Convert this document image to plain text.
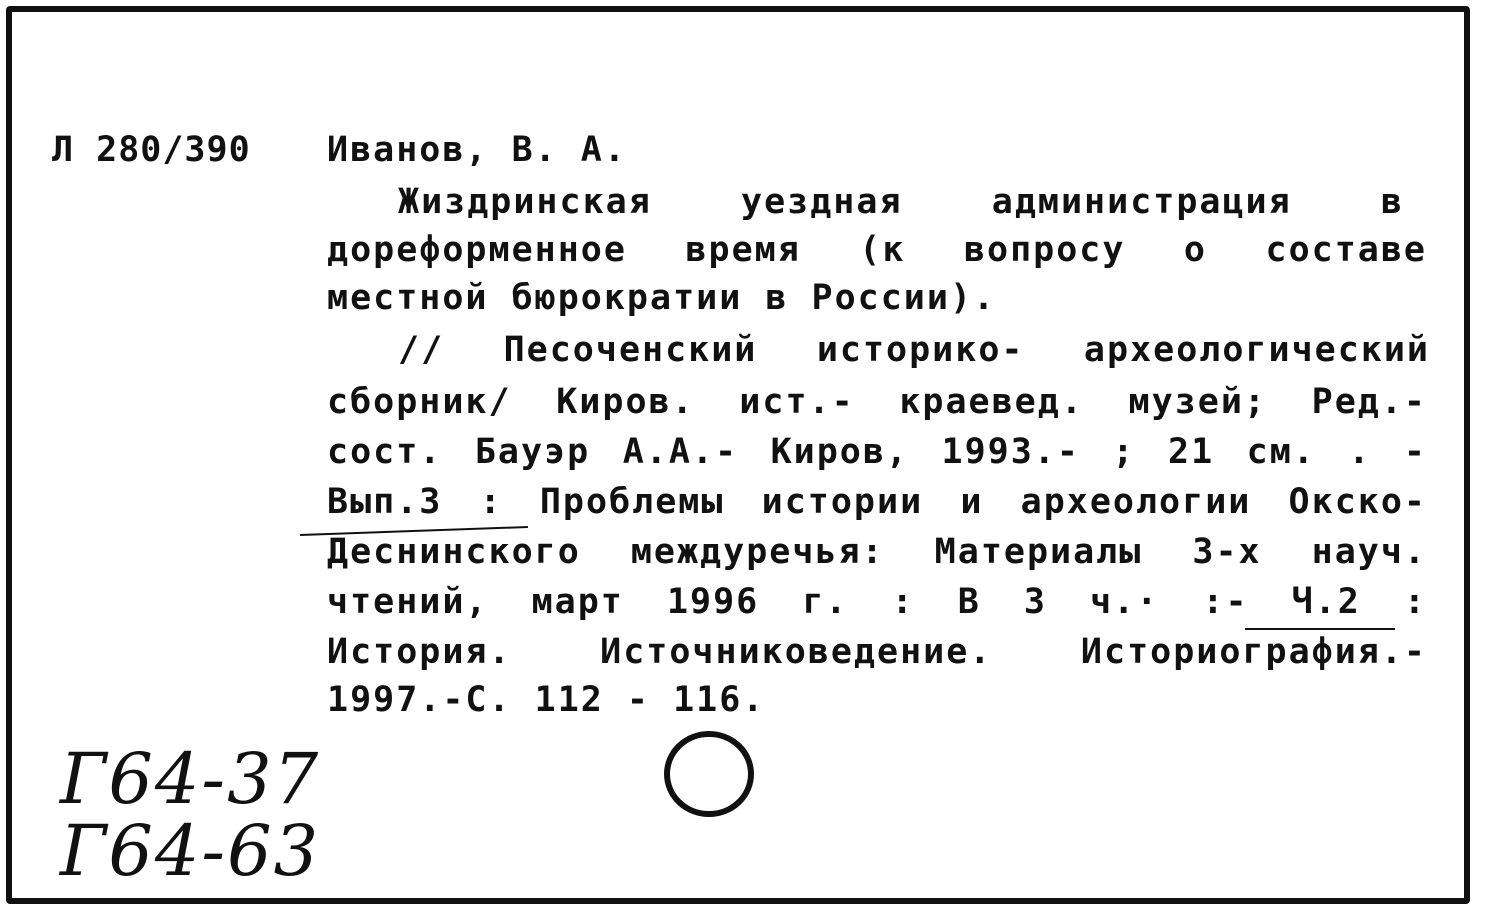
Л 280/390 Иванов, В. А.
Жиздринская уездная администрация в
дореформенное время (к вопросу о составе
местной бюрократии в России).
// Песоченский историко- археологический
сборник/ Киров. ист.- краевед. музей; Ред.-
сост. Бауэр А.А.- Киров, 1993.- ; 21 см. . -
Вып.3 : Проблемы истории и археологии Окско-
Деснинского междуречья: Материалы 3-х науч.
чтений, март 1996 г. : В 3 ч.· :- Ч.2 :
История. Источниковедение. Историография.-
1997.-С. 112 - 116.
Г64-37
Г64-63
